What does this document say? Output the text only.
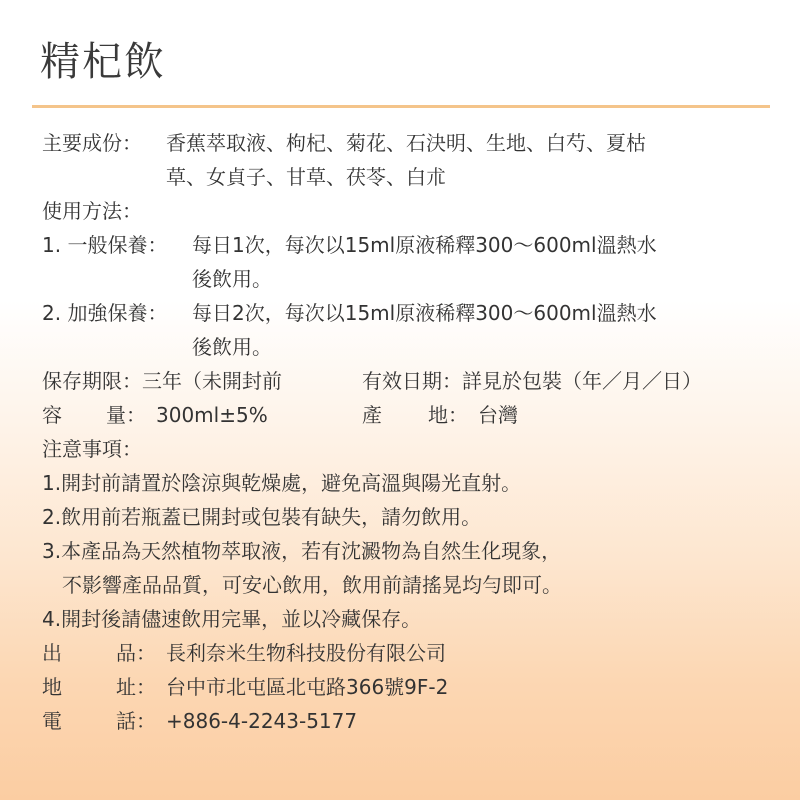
精杞飲
主要成份： 香蕉萃取液、枸杞、菊花、石決明、生地、白芍、夏枯
草、女貞子、甘草、茯苓、白朮
使用方法：
1. 一般保養： 每日1次，每次以15ml原液稀釋300～600ml溫熱水
後飲用。
2. 加強保養： 每日2次，每次以15ml原液稀釋300～600ml溫熱水
後飲用。
保存期限：三年（未開封前	有效日期：詳見於包裝（年／月／日）
容 量： 300ml±5%	產 地： 台灣
注意事項：
1.開封前請置於陰涼與乾燥處，避免高溫與陽光直射。
2.飲用前若瓶蓋已開封或包裝有缺失，請勿飲用。
3.本產品為天然植物萃取液，若有沈澱物為自然生化現象，
不影響產品品質，可安心飲用，飲用前請搖晃均勻即可。
4.開封後請儘速飲用完畢，並以冷藏保存。
出	品： 長利奈米生物科技股份有限公司
地	址： 台中市北屯區北屯路366號9F-2
電	話： +886-4-2243-5177
